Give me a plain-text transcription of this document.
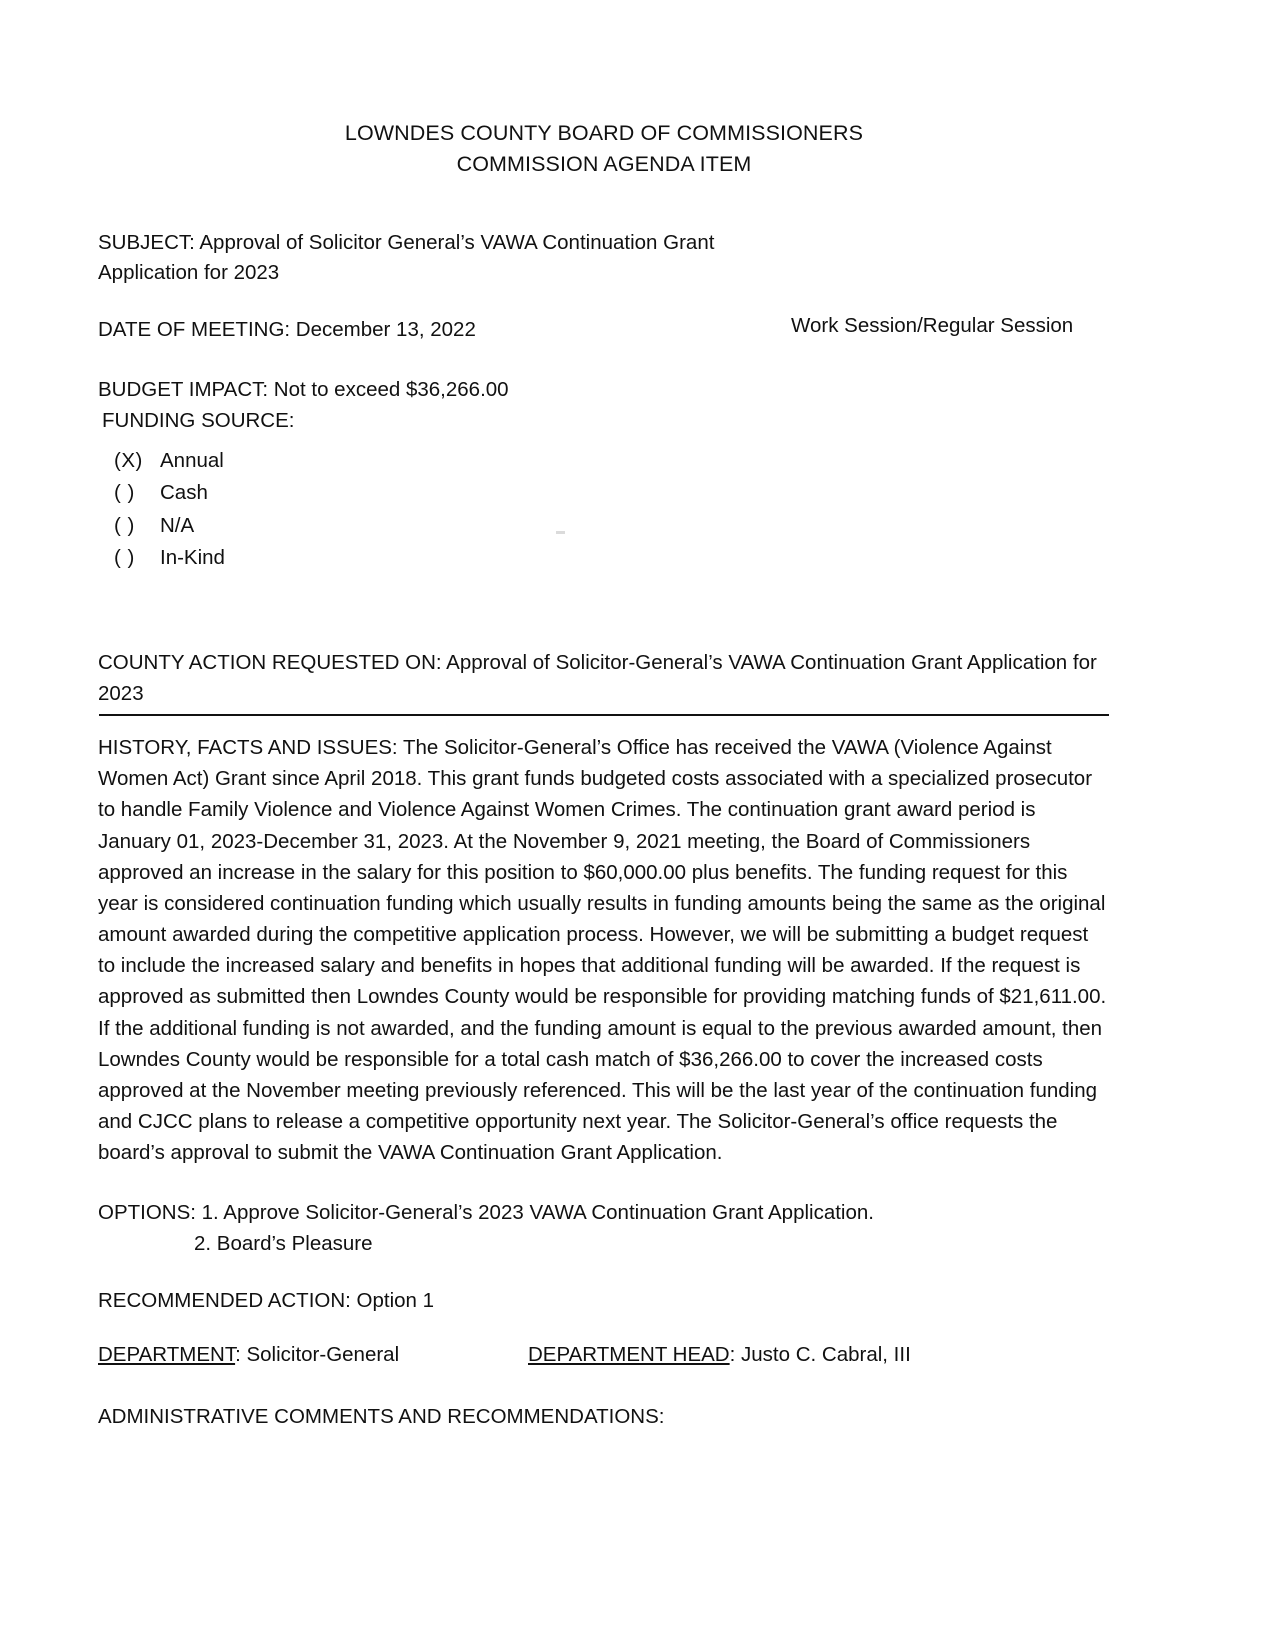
LOWNDES COUNTY BOARD OF COMMISSIONERS
COMMISSION AGENDA ITEM
SUBJECT: Approval of Solicitor General’s VAWA Continuation Grant Application for 2023
DATE OF MEETING: December 13, 2022	Work Session/Regular Session
BUDGET IMPACT: Not to exceed $36,266.00
FUNDING SOURCE:
(X) Annual
( )	Cash
( )	N/A
( )	In-Kind
COUNTY ACTION REQUESTED ON: Approval of Solicitor-General’s VAWA Continuation Grant Application for 2023
HISTORY, FACTS AND ISSUES: The Solicitor-General’s Office has received the VAWA (Violence Against Women Act) Grant since April 2018. This grant funds budgeted costs associated with a specialized prosecutor to handle Family Violence and Violence Against Women Crimes. The continuation grant award period is January 01, 2023-December 31, 2023. At the November 9, 2021 meeting, the Board of Commissioners approved an increase in the salary for this position to $60,000.00 plus benefits. The funding request for this year is considered continuation funding which usually results in funding amounts being the same as the original amount awarded during the competitive application process. However, we will be submitting a budget request to include the increased salary and benefits in hopes that additional funding will be awarded. If the request is approved as submitted then Lowndes County would be responsible for providing matching funds of $21,611.00. If the additional funding is not awarded, and the funding amount is equal to the previous awarded amount, then Lowndes County would be responsible for a total cash match of $36,266.00 to cover the increased costs approved at the November meeting previously referenced. This will be the last year of the continuation funding and CJCC plans to release a competitive opportunity next year. The Solicitor-General’s office requests the board’s approval to submit the VAWA Continuation Grant Application.
OPTIONS: 1. Approve Solicitor-General’s 2023 VAWA Continuation Grant Application.
2. Board’s Pleasure
RECOMMENDED ACTION: Option 1
DEPARTMENT: Solicitor-General	DEPARTMENT HEAD: Justo C. Cabral, III
ADMINISTRATIVE COMMENTS AND RECOMMENDATIONS:
